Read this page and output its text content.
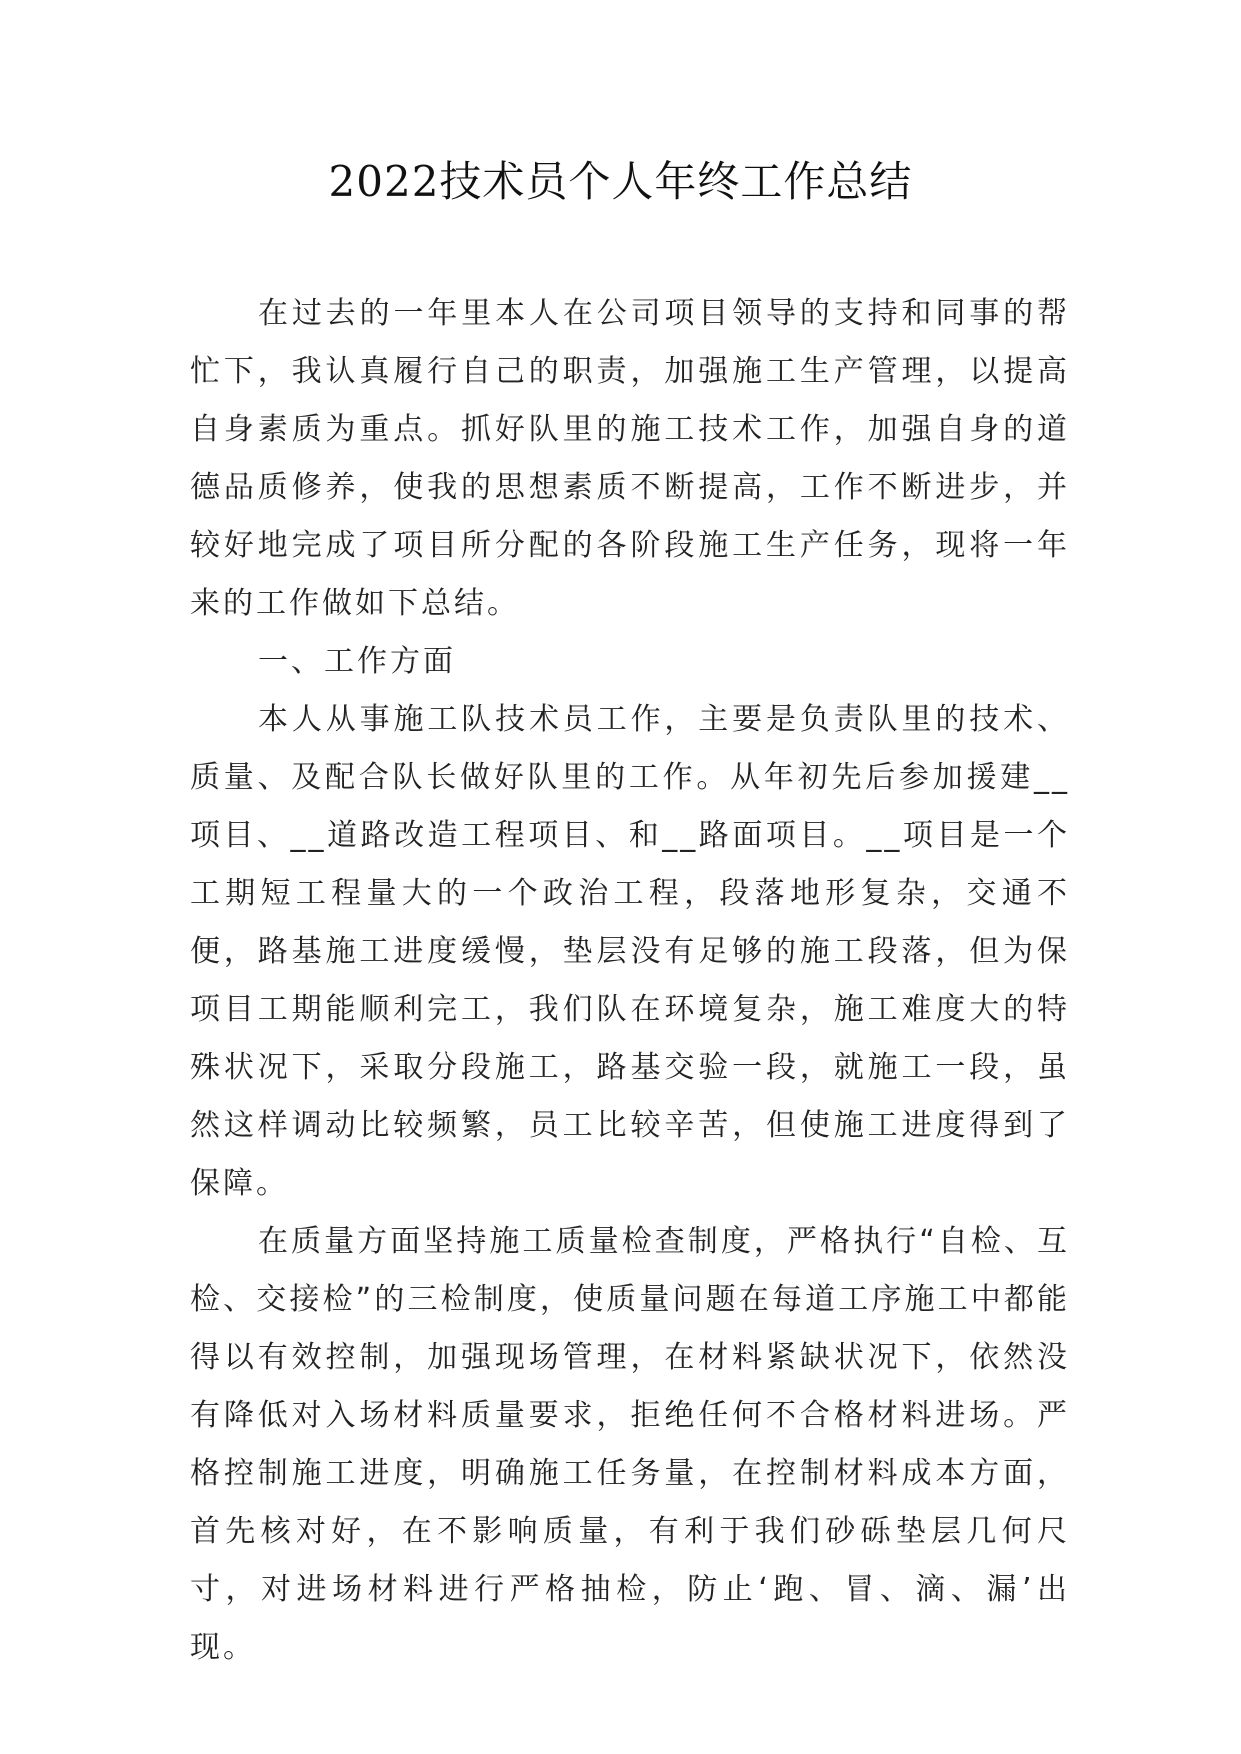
2022技术员个人年终工作总结

在过去的一年里本人在公司项目领导的支持和同事的帮忙下，我认真履行自己的职责，加强施工生产管理，以提高自身素质为重点。抓好队里的施工技术工作，加强自身的道德品质修养，使我的思想素质不断提高，工作不断进步，并较好地完成了项目所分配的各阶段施工生产任务，现将一年来的工作做如下总结。

一、工作方面

本人从事施工队技术员工作，主要是负责队里的技术、质量、及配合队长做好队里的工作。从年初先后参加援建__项目、__道路改造工程项目、和__路面项目。__项目是一个工期短工程量大的一个政治工程，段落地形复杂，交通不便，路基施工进度缓慢，垫层没有足够的施工段落，但为保项目工期能顺利完工，我们队在环境复杂，施工难度大的特殊状况下，采取分段施工，路基交验一段，就施工一段，虽然这样调动比较频繁，员工比较辛苦，但使施工进度得到了保障。

在质量方面坚持施工质量检查制度，严格执行“自检、互检、交接检”的三检制度，使质量问题在每道工序施工中都能得以有效控制，加强现场管理，在材料紧缺状况下，依然没有降低对入场材料质量要求，拒绝任何不合格材料进场。严格控制施工进度，明确施工任务量，在控制材料成本方面，首先核对好，在不影响质量，有利于我们砂砾垫层几何尺寸，对进场材料进行严格抽检，防止‘跑、冒、滴、漏’出现。
